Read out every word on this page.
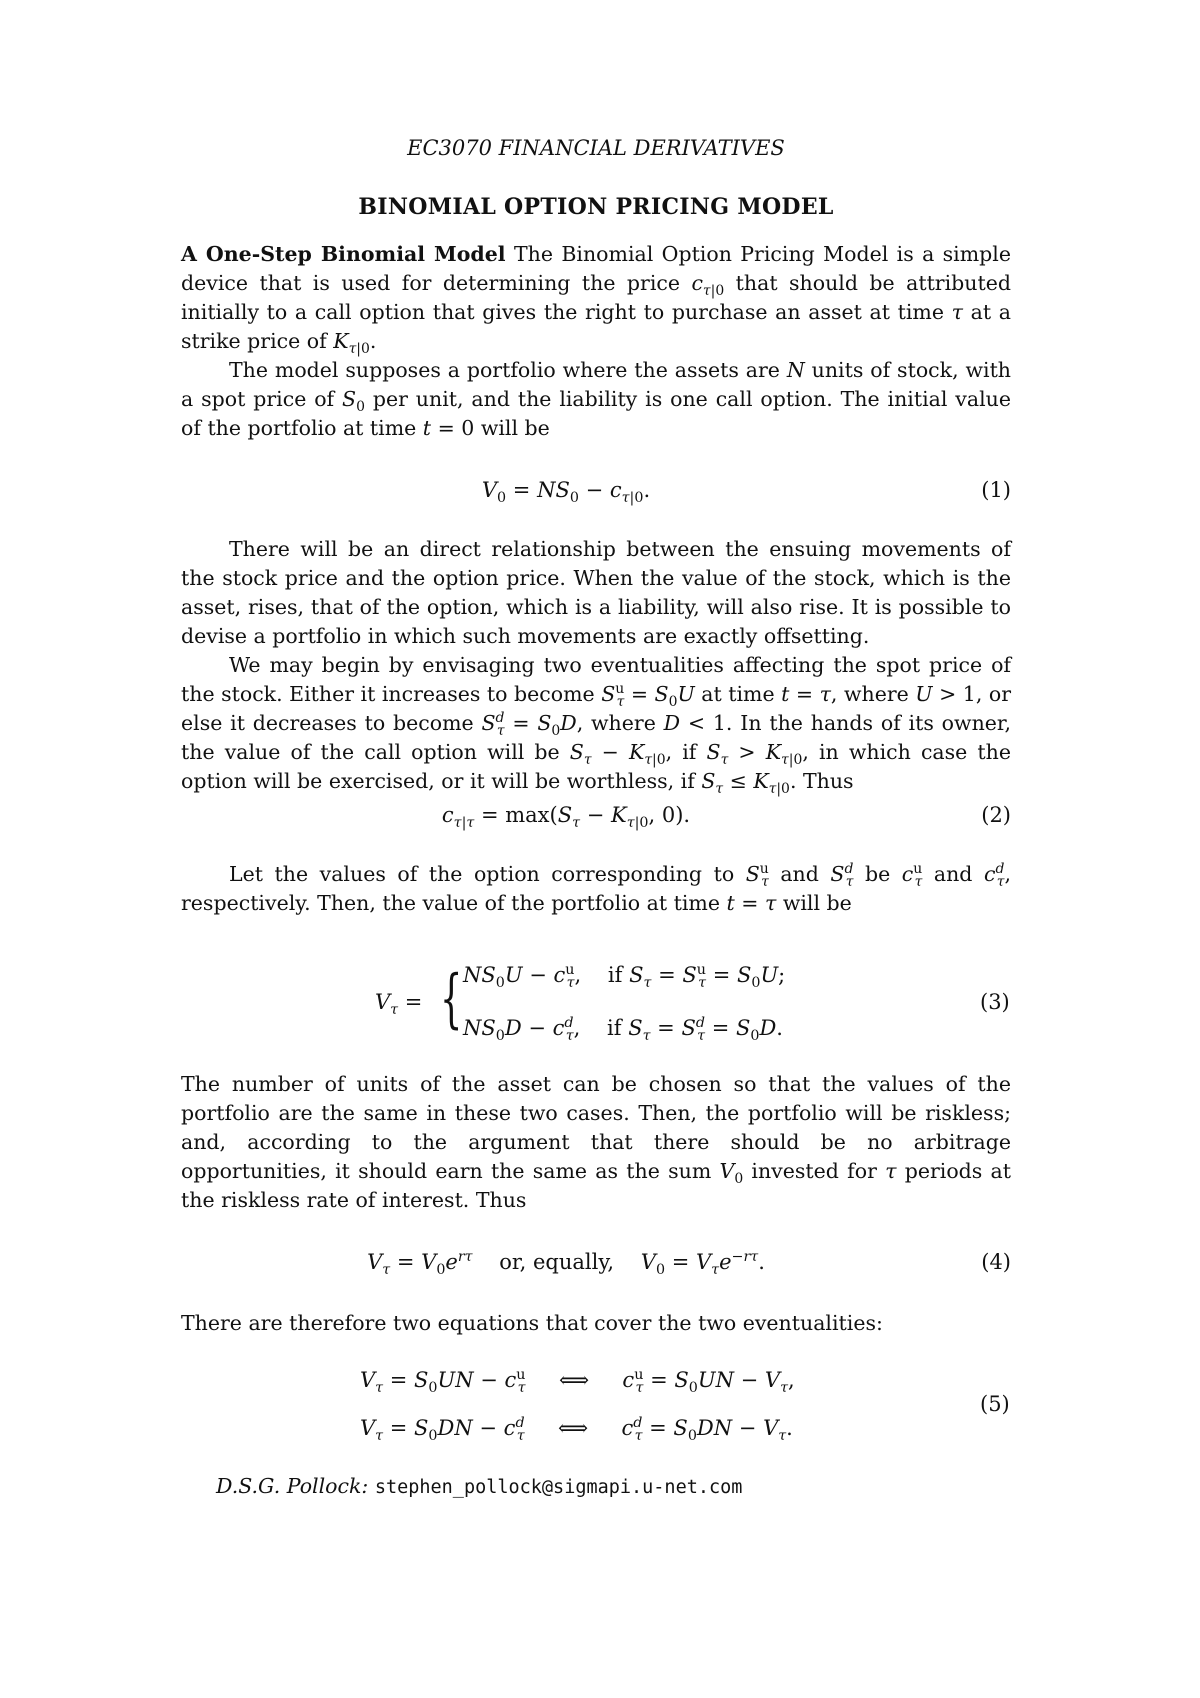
EC3070 FINANCIAL DERIVATIVES

BINOMIAL OPTION PRICING MODEL

A One-Step Binomial Model The Binomial Option Pricing Model is a simple device that is used for determining the price $c_{\tau|0}$ that should be attributed initially to a call option that gives the right to purchase an asset at time τ at a strike price of $K_{\tau|0}$.

The model supposes a portfolio where the assets are N units of stock, with a spot price of $S_0$ per unit, and the liability is one call option. The initial value of the portfolio at time t = 0 will be

$V_0 = NS_0 - c_{\tau|0}$.	(1)

There will be an direct relationship between the ensuing movements of the stock price and the option price. When the value of the stock, which is the asset, rises, that of the option, which is a liability, will also rise. It is possible to devise a portfolio in which such movements are exactly offsetting.

We may begin by envisaging two eventualities affecting the spot price of the stock. Either it increases to become $S^u_\tau = S_0U$ at time t = τ, where U > 1, or else it decreases to become $S^d_\tau = S_0D$, where D < 1. In the hands of its owner, the value of the call option will be $S_\tau - K_{\tau|0}$, if $S_\tau > K_{\tau|0}$, in which case the option will be exercised, or it will be worthless, if $S_\tau \le K_{\tau|0}$. Thus

$c_{\tau|\tau} = \max(S_\tau - K_{\tau|0}$, 0).	(2)

Let the values of the option corresponding to $S^u_\tau$ and $S^d_\tau$ be $c^u_\tau$ and $c^d_\tau$, respectively. Then, the value of the portfolio at time t = τ will be

$V_\tau$ = { $NS_0U - c^u_\tau$,    if $S_\tau = S^u_\tau = S_0U$;
$NS_0D - c^d_\tau$,    if $S_\tau = S^d_\tau = S_0D$.
(3)

The number of units of the asset can be chosen so that the values of the portfolio are the same in these two cases. Then, the portfolio will be riskless; and, according to the argument that there should be no arbitrage opportunities, it should earn the same as the sum $V_0$ invested for τ periods at the riskless rate of interest. Thus

$V_\tau = V_0e^{r\tau}$ or, equally, $V_0 = V_\tau e^{-r\tau}$.	(4)

There are therefore two equations that cover the two eventualities:

$V_\tau = S_0UN - c^u_\tau$     ⟺     $c^u_\tau = S_0UN - V_\tau$,
$V_\tau = S_0DN - c^d_\tau$     ⟺     $c^d_\tau = S_0DN - V_\tau$.
(5)
D.S.G. Pollock: stephen_pollock@sigmapi.u-net.com
